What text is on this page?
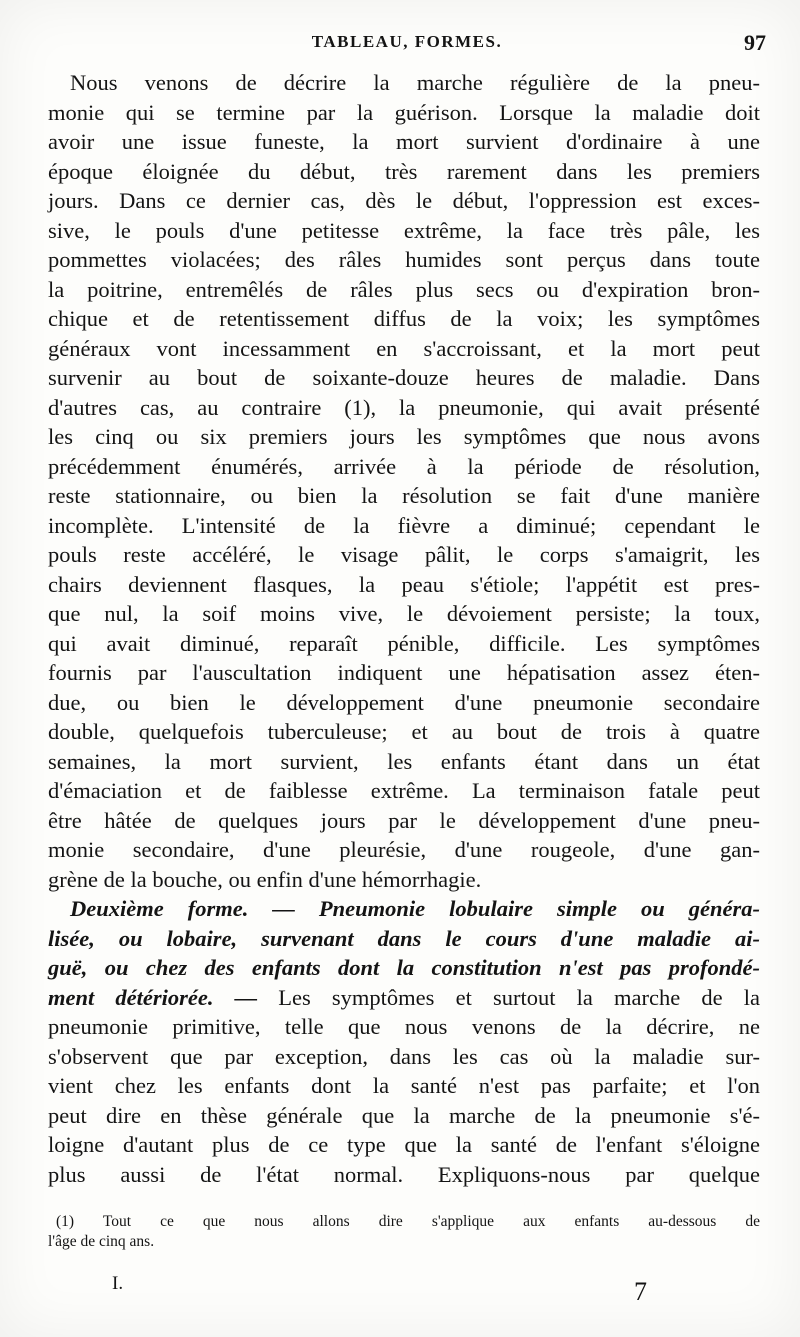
TABLEAU, FORMES.	97
Nous venons de décrire la marche régulière de la pneu-
monie qui se termine par la guérison. Lorsque la maladie doit
avoir une issue funeste, la mort survient d'ordinaire à une
époque éloignée du début, très rarement dans les premiers
jours. Dans ce dernier cas, dès le début, l'oppression est exces-
sive, le pouls d'une petitesse extrême, la face très pâle, les
pommettes violacées; des râles humides sont perçus dans toute
la poitrine, entremêlés de râles plus secs ou d'expiration bron-
chique et de retentissement diffus de la voix; les symptômes
généraux vont incessamment en s'accroissant, et la mort peut
survenir au bout de soixante-douze heures de maladie. Dans
d'autres cas, au contraire (1), la pneumonie, qui avait présenté
les cinq ou six premiers jours les symptômes que nous avons
précédemment énumérés, arrivée à la période de résolution,
reste stationnaire, ou bien la résolution se fait d'une manière
incomplète. L'intensité de la fièvre a diminué; cependant le
pouls reste accéléré, le visage pâlit, le corps s'amaigrit, les
chairs deviennent flasques, la peau s'étiole; l'appétit est pres-
que nul, la soif moins vive, le dévoiement persiste; la toux,
qui avait diminué, reparaît pénible, difficile. Les symptômes
fournis par l'auscultation indiquent une hépatisation assez éten-
due, ou bien le développement d'une pneumonie secondaire
double, quelquefois tuberculeuse; et au bout de trois à quatre
semaines, la mort survient, les enfants étant dans un état
d'émaciation et de faiblesse extrême. La terminaison fatale peut
être hâtée de quelques jours par le développement d'une pneu-
monie secondaire, d'une pleurésie, d'une rougeole, d'une gan-
grène de la bouche, ou enfin d'une hémorrhagie.
Deuxième forme. — Pneumonie lobulaire simple ou généra-
lisée, ou lobaire, survenant dans le cours d'une maladie ai-
guë, ou chez des enfants dont la constitution n'est pas profondé-
ment détériorée. — Les symptômes et surtout la marche de la
pneumonie primitive, telle que nous venons de la décrire, ne
s'observent que par exception, dans les cas où la maladie sur-
vient chez les enfants dont la santé n'est pas parfaite; et l'on
peut dire en thèse générale que la marche de la pneumonie s'é-
loigne d'autant plus de ce type que la santé de l'enfant s'éloigne
plus aussi de l'état normal. Expliquons-nous par quelque
(1) Tout ce que nous allons dire s'applique aux enfants au-dessous de
l'âge de cinq ans.
I.	7
